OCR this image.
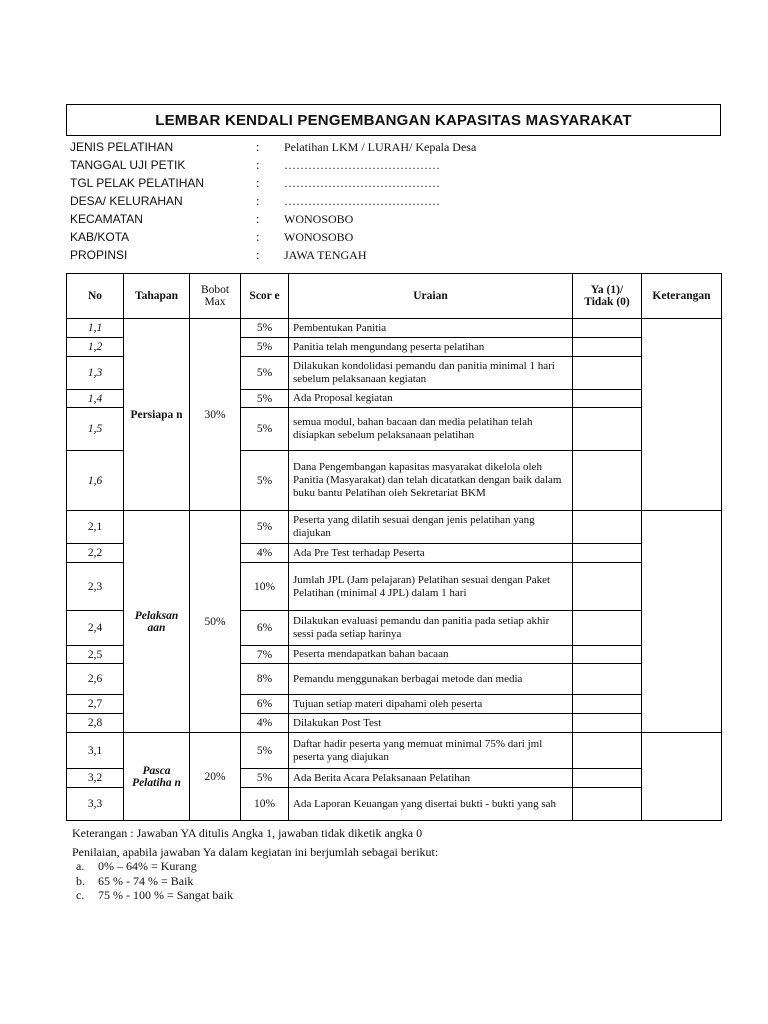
LEMBAR KENDALI PENGEMBANGAN KAPASITAS MASYARAKAT
JENIS PELATIHAN	: Pelatihan LKM / LURAH/ Kepala Desa
TANGGAL UJI PETIK	: …………………………………
TGL PELAK PELATIHAN	: …………………………………
DESA/ KELURAHAN	: …………………………………
KECAMATAN	: WONOSOBO
KAB/KOTA	: WONOSOBO
PROPINSI	: JAWA TENGAH
No	Tahapan	Bobot Max	Scor e	Uraian	Ya (1)/ Tidak (0)	Keterangan
1,1	Persiapa n	30%	5%	Pembentukan Panitia		
1,2			5%	Panitia telah mengundang peserta pelatihan		
1,3			5%	Dilakukan kondolidasi pemandu dan panitia minimal 1 hari sebelum pelaksanaan kegiatan		
1,4			5%	Ada Proposal kegiatan		
1,5			5%	semua modul, bahan bacaan dan media pelatihan telah disiapkan sebelum pelaksanaan pelatihan		
1,6			5%	Dana Pengembangan kapasitas masyarakat dikelola oleh Panitia (Masyarakat) dan telah dicatatkan dengan baik dalam buku bantu Pelatihan oleh Sekretariat BKM		
2,1	Pelaksan aan	50%	5%	Peserta yang dilatih sesuai dengan jenis pelatihan yang diajukan		
2,2			4%	Ada Pre Test terhadap Peserta		
2,3			10%	Jumlah JPL (Jam pelajaran) Pelatihan sesuai dengan Paket Pelatihan (minimal 4 JPL) dalam 1 hari		
2,4			6%	Dilakukan evaluasi pemandu dan panitia pada setiap akhir sessi pada setiap harinya		
2,5			7%	Peserta mendapatkan bahan bacaan		
2,6			8%	Pemandu menggunakan berbagai metode dan media		
2,7			6%	Tujuan setiap materi dipahami oleh peserta		
2,8			4%	Dilakukan Post Test		
3,1	Pasca Pelatiha n	20%	5%	Daftar hadir peserta yang memuat minimal 75% dari jml peserta yang diajukan		
3,2			5%	Ada Berita Acara Pelaksanaan Pelatihan		
3,3			10%	Ada Laporan Keuangan yang disertai bukti - bukti yang sah		
Keterangan : Jawaban YA ditulis Angka 1, jawaban tidak diketik angka 0
Penilaian, apabila jawaban Ya dalam kegiatan ini berjumlah sebagai berikut:
a. 0% – 64% = Kurang
b. 65 % - 74 % = Baik
c. 75 % - 100 % = Sangat baik
